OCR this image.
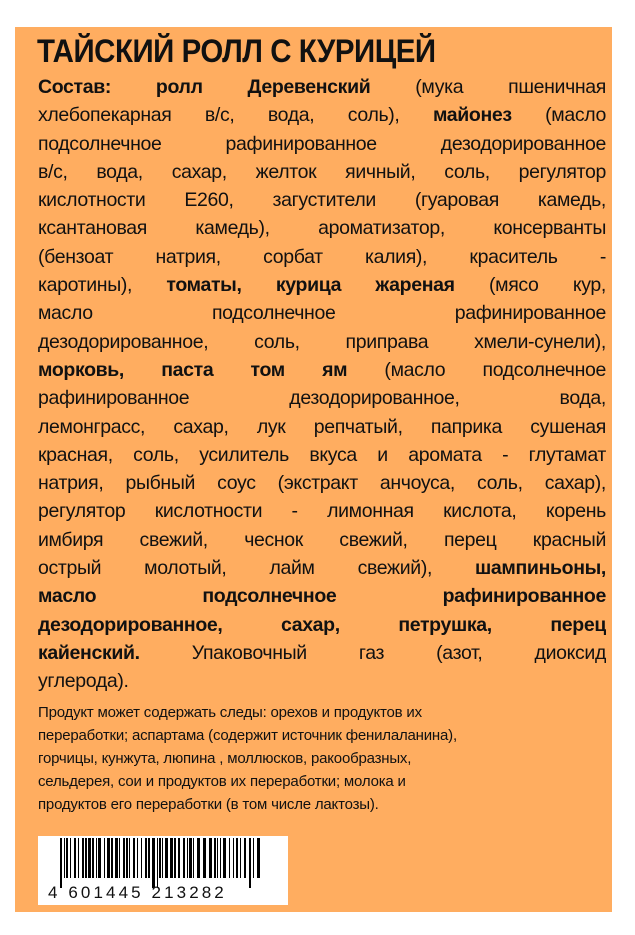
ТАЙСКИЙ РОЛЛ С КУРИЦЕЙ
Состав: ролл Деревенский (мука пшеничная
хлебопекарная в/с, вода, соль), майонез (масло
подсолнечное рафинированное дезодорированное
в/с, вода, сахар, желток яичный, соль, регулятор
кислотности Е260, загустители (гуаровая камедь,
ксантановая камедь), ароматизатор, консерванты
(бензоат натрия, сорбат калия), краситель -
каротины), томаты, курица жареная (мясо кур,
масло подсолнечное рафинированное
дезодорированное, соль, приправа хмели-сунели),
морковь, паста том ям (масло подсолнечное
рафинированное дезодорированное, вода,
лемонграсс, сахар, лук репчатый, паприка сушеная
красная, соль, усилитель вкуса и аромата - глутамат
натрия, рыбный соус (экстракт анчоуса, соль, сахар),
регулятор кислотности - лимонная кислота, корень
имбиря свежий, чеснок свежий, перец красный
острый молотый, лайм свежий), шампиньоны,
масло подсолнечное рафинированное
дезодорированное, сахар, петрушка, перец
кайенский. Упаковочный газ (азот, диоксид
углерода).
Продукт может содержать следы: орехов и продуктов их
переработки; аспартама (содержит источник фенилаланина),
горчицы, кунжута, люпина , моллюсков, ракообразных,
сельдерея, сои и продуктов их переработки; молока и
продуктов его переработки (в том числе лактозы).
4 601445 213282
